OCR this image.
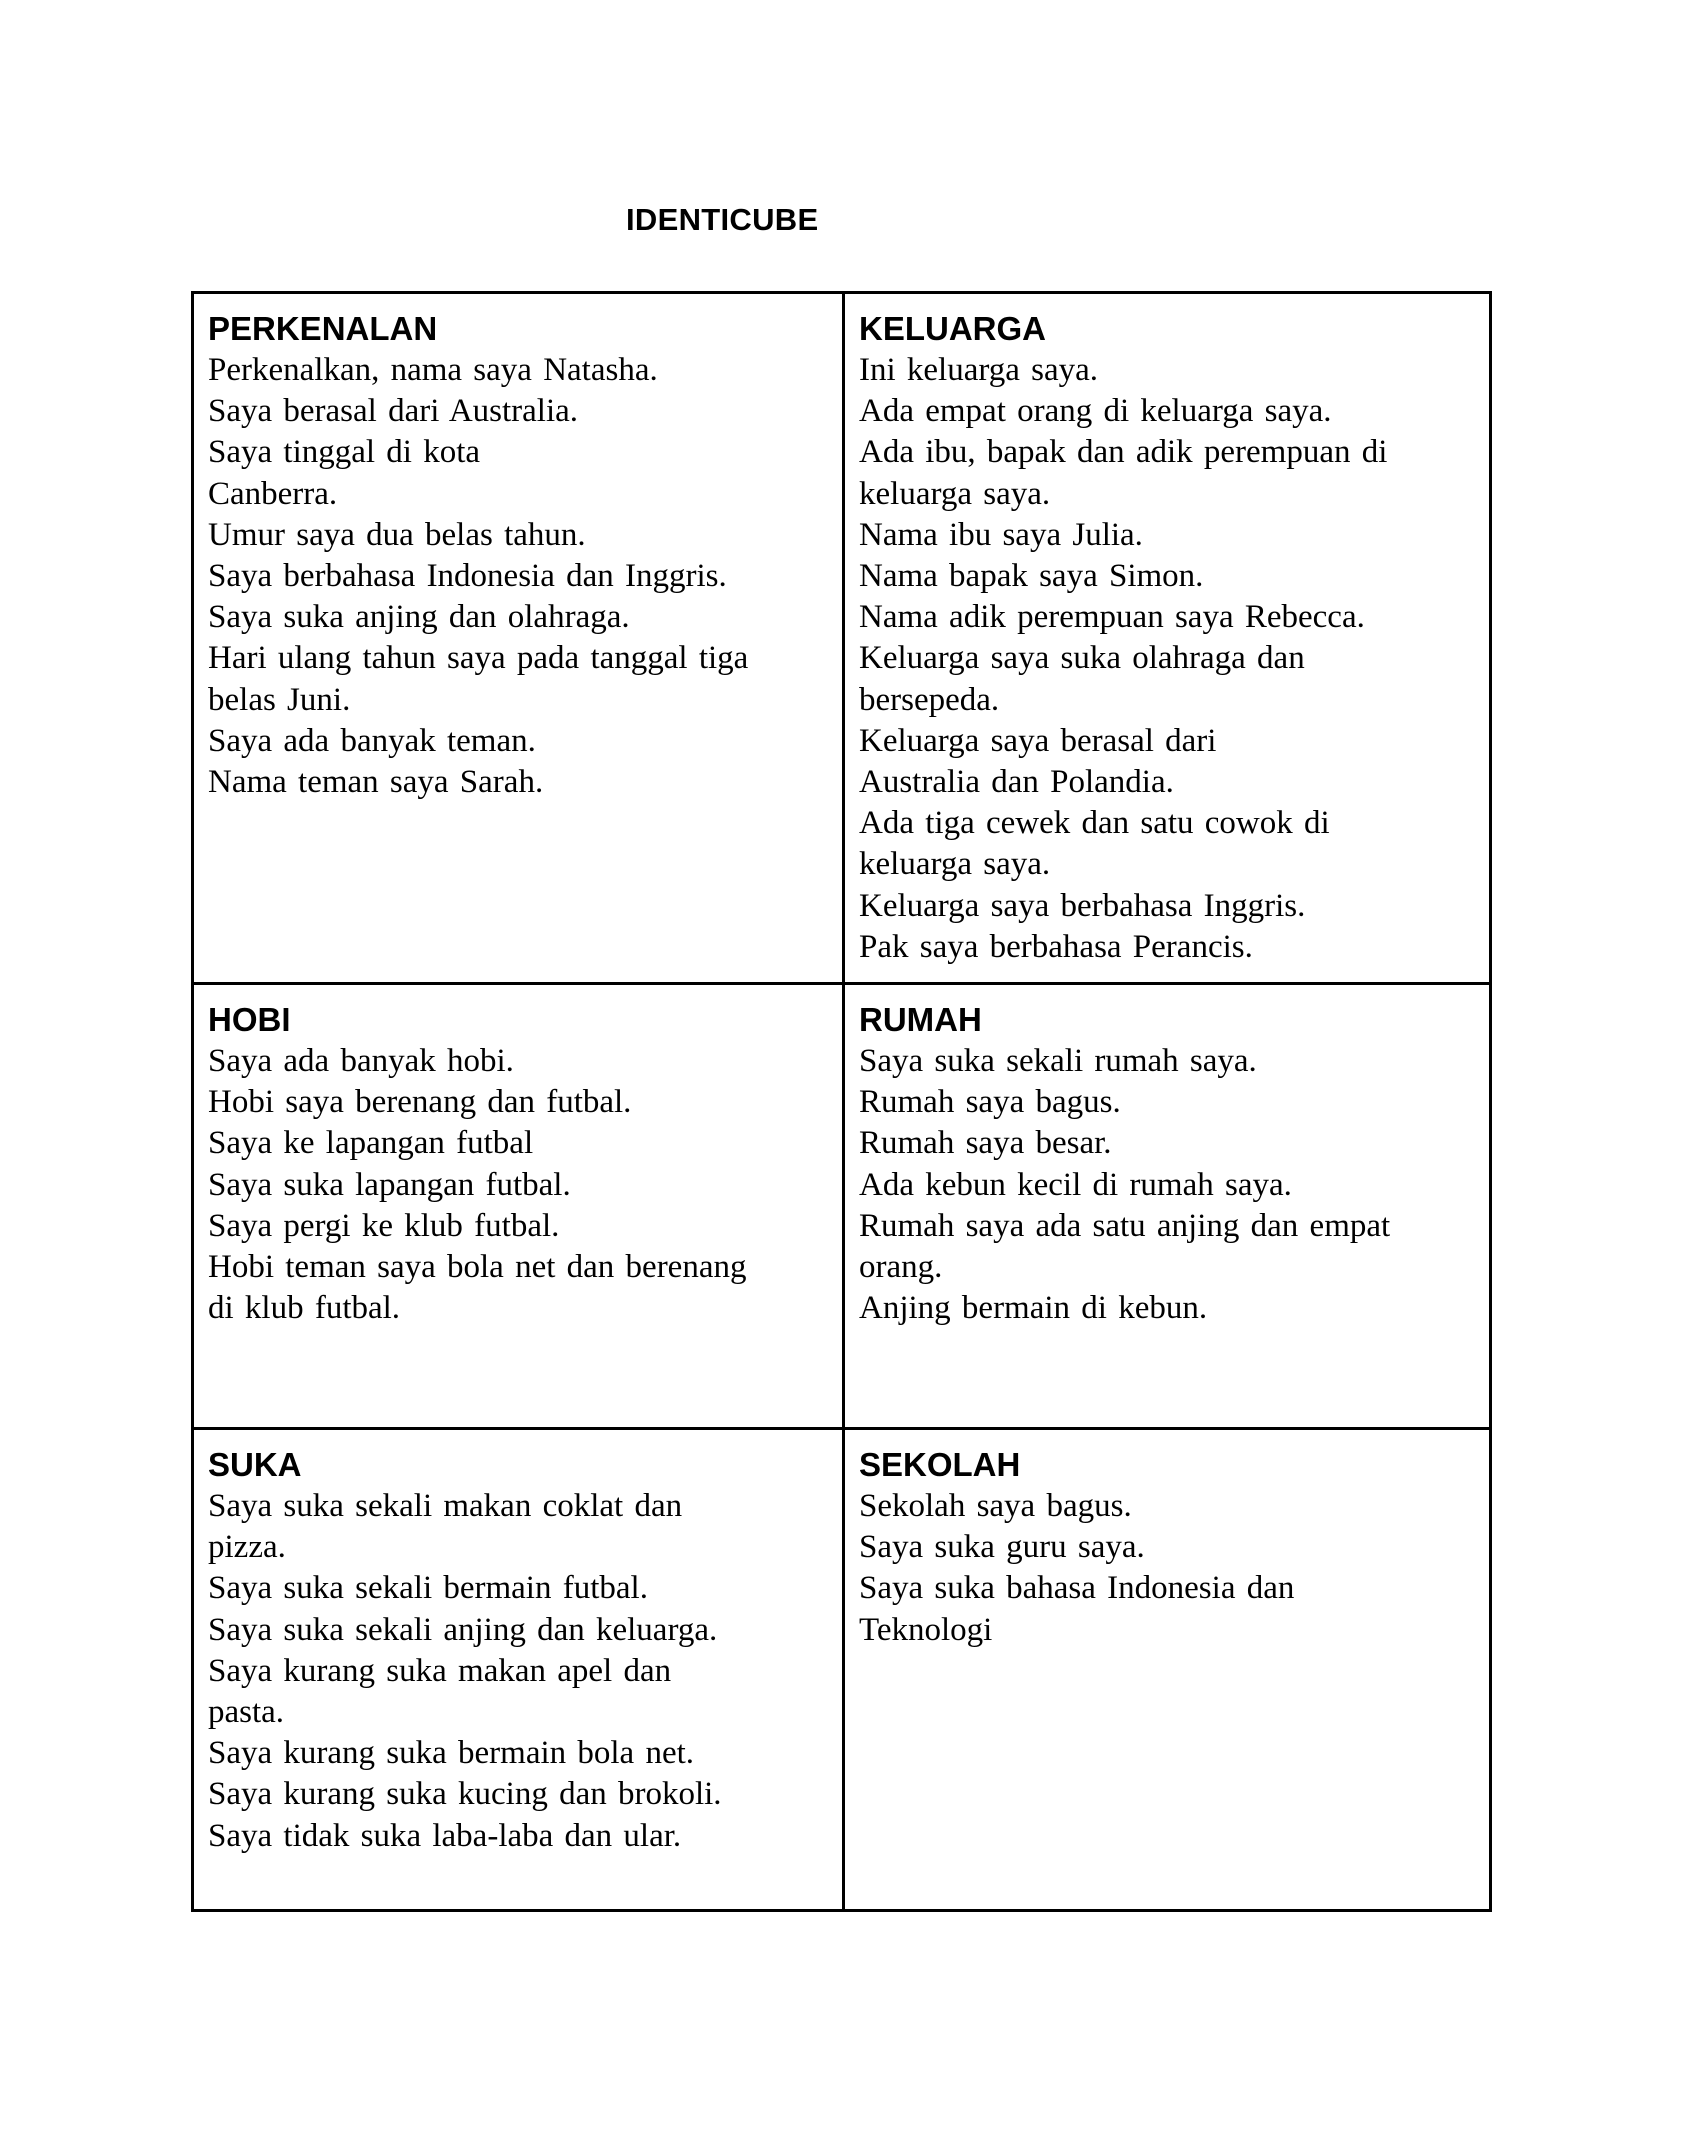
IDENTICUBE
PERKENALAN
Perkenalkan, nama saya Natasha.
Saya berasal dari Australia.
Saya tinggal di kota
Canberra.
Umur saya dua belas tahun.
Saya berbahasa Indonesia dan Inggris.
Saya suka anjing dan olahraga.
Hari ulang tahun saya pada tanggal tiga
belas Juni.
Saya ada banyak teman.
Nama teman saya Sarah.
KELUARGA
Ini keluarga saya.
Ada empat orang di keluarga saya.
Ada ibu, bapak dan adik perempuan di
keluarga saya.
Nama ibu saya Julia.
Nama bapak saya Simon.
Nama adik perempuan saya Rebecca.
Keluarga saya suka olahraga dan
bersepeda.
Keluarga saya berasal dari
Australia dan Polandia.
Ada tiga cewek dan satu cowok di
keluarga saya.
Keluarga saya berbahasa Inggris.
Pak saya berbahasa Perancis.
HOBI
Saya ada banyak hobi.
Hobi saya berenang dan futbal.
Saya ke lapangan futbal
Saya suka lapangan futbal.
Saya pergi ke klub futbal.
Hobi teman saya bola net dan berenang
di klub futbal.
RUMAH
Saya suka sekali rumah saya.
Rumah saya bagus.
Rumah saya besar.
Ada kebun kecil di rumah saya.
Rumah saya ada satu anjing dan empat
orang.
Anjing bermain di kebun.
SUKA
Saya suka sekali makan coklat dan
pizza.
Saya suka sekali bermain futbal.
Saya suka sekali anjing dan keluarga.
Saya kurang suka makan apel dan
pasta.
Saya kurang suka bermain bola net.
Saya kurang suka kucing dan brokoli.
Saya tidak suka laba-laba dan ular.
SEKOLAH
Sekolah saya bagus.
Saya suka guru saya.
Saya suka bahasa Indonesia dan
Teknologi
